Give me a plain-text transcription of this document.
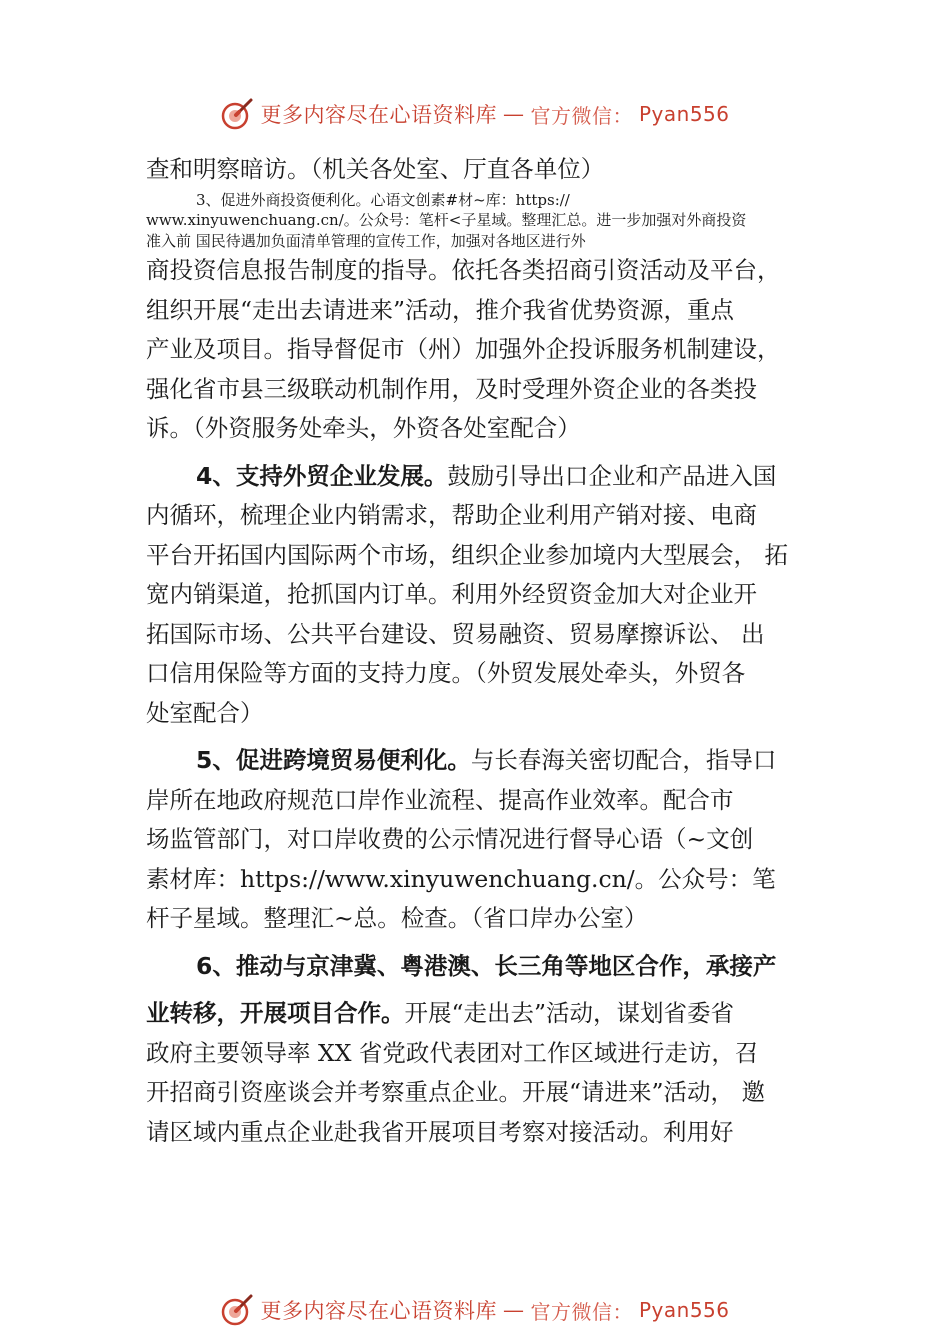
更多内容尽在心语资料库 — 官方微信： Pyan556
查和明察暗访。（机关各处室、厅直各单位）
3、促进外商投资便利化。心语文创素#材~库：https://
www.xinyuwenchuang.cn/。公众号：笔杆<子星域。整理汇总。进一步加强对外商投资
准入前 国民待遇加负面清单管理的宣传工作，加强对各地区进行外
商投资信息报告制度的指导。依托各类招商引资活动及平台，
组织开展“走出去请进来”活动，推介我省优势资源，重点
产业及项目。指导督促市（州）加强外企投诉服务机制建设，
强化省市县三级联动机制作用，及时受理外资企业的各类投
诉。（外资服务处牵头，外资各处室配合）
4、支持外贸企业发展。鼓励引导出口企业和产品进入国
内循环，梳理企业内销需求，帮助企业利用产销对接、电商
平台开拓国内国际两个市场，组织企业参加境内大型展会， 拓
宽内销渠道，抢抓国内订单。利用外经贸资金加大对企业开
拓国际市场、公共平台建设、贸易融资、贸易摩擦诉讼、 出
口信用保险等方面的支持力度。（外贸发展处牵头，外贸各
处室配合）
5、促进跨境贸易便利化。与长春海关密切配合，指导口
岸所在地政府规范口岸作业流程、提高作业效率。配合市
场监管部门，对口岸收费的公示情况进行督导心语（~文创
素材库：https://www.xinyuwenchuang.cn/。公众号：笔
杆子星域。整理汇~总。检查。（省口岸办公室）
6、推动与京津冀、粤港澳、长三角等地区合作，承接产
业转移，开展项目合作。开展“走出去”活动，谋划省委省
政府主要领导率 XX 省党政代表团对工作区域进行走访，召
开招商引资座谈会并考察重点企业。开展“请进来”活动， 邀
请区域内重点企业赴我省开展项目考察对接活动。利用好
更多内容尽在心语资料库 — 官方微信： Pyan556
